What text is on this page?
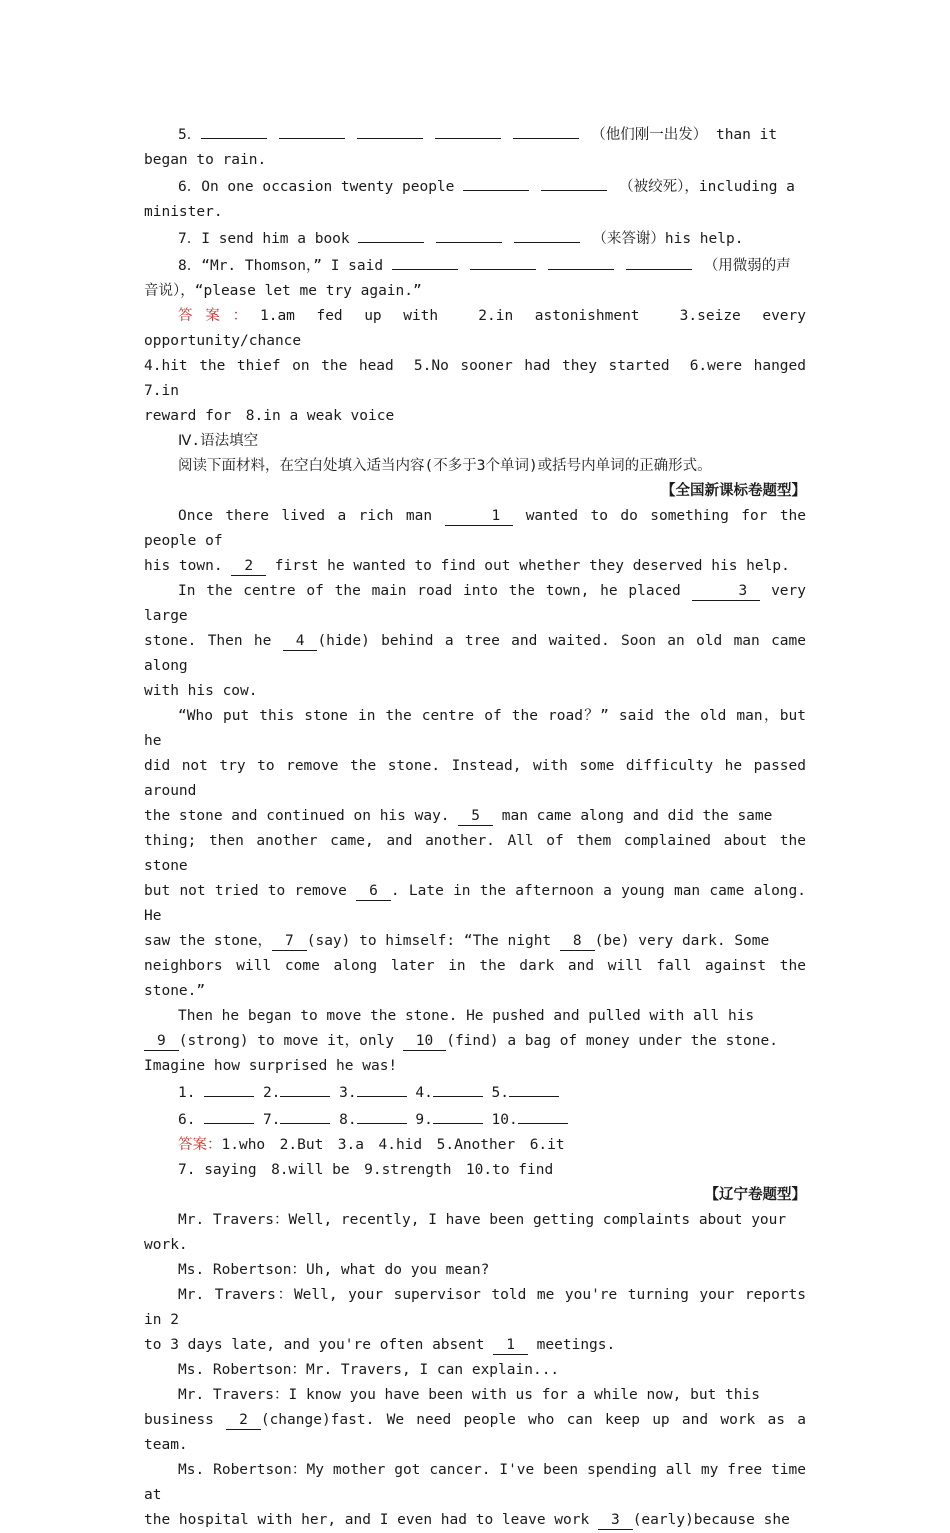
5．	（他们刚一出发） than it

began to rain.

6．On one occasion twenty people	（被绞死），including a

minister.

7．I send him a book	（来答谢）his help.

8．“Mr. Thomson，” I said	（用微弱的声

音说），“please let me try again.”

答案：1.am fed up with　2.in astonishment　3.seize every opportunity/chance

4.hit the thief on the head　5.No sooner had they started　6.were hanged　7.in

reward for　8.in a weak voice

Ⅳ.语法填空

阅读下面材料，在空白处填入适当内容(不多于3个单词)或括号内单词的正确形式。

【全国新课标卷题型】

Once there lived a rich man	1 wanted to do something for the people of

his town. 2 first he wanted to find out whether they deserved his help.

In the centre of the main road into the town, he placed	3 very large

stone. Then he 4 (hide) behind a tree and waited. Soon an old man came along

with his cow.

“Who put this stone in the centre of the road？” said the old man，but he

did not try to remove the stone. Instead, with some difficulty he passed around

the stone and continued on his way. 5 man came along and did the same

thing; then another came, and another. All of them complained about the stone

but not tried to remove 6 . Late in the afternoon a young man came along. He

saw the stone， 7 (say) to himself: “The night 8 (be) very dark. Some

neighbors will come along later in the dark and will fall against the stone.”

Then he began to move the stone. He pushed and pulled with all his

9 (strong) to move it，only 10 (find) a bag of money under the stone.

Imagine how surprised he was!

1.	2.	3.	4.	5.

6.	7.	8.	9.	10.

答案：1.who　2.But　3.a　4.hid　5.Another　6.it

7. saying　8.will be　9.strength　10.to find

【辽宁卷题型】

Mr. Travers：Well, recently, I have been getting complaints about your

work.

Ms. Robertson：Uh, what do you mean?

Mr. Travers：Well, your supervisor told me you're turning your reports in 2

to 3 days late, and you're often absent 1 meetings.

Ms. Robertson：Mr. Travers, I can explain...

Mr. Travers：I know you have been with us for a while now, but this

business 2 (change)fast. We need people who can keep up and work as a team.

Ms. Robertson：My mother got cancer. I've been spending all my free time at

the hospital with her, and I even had to leave work 3 (early)because she
